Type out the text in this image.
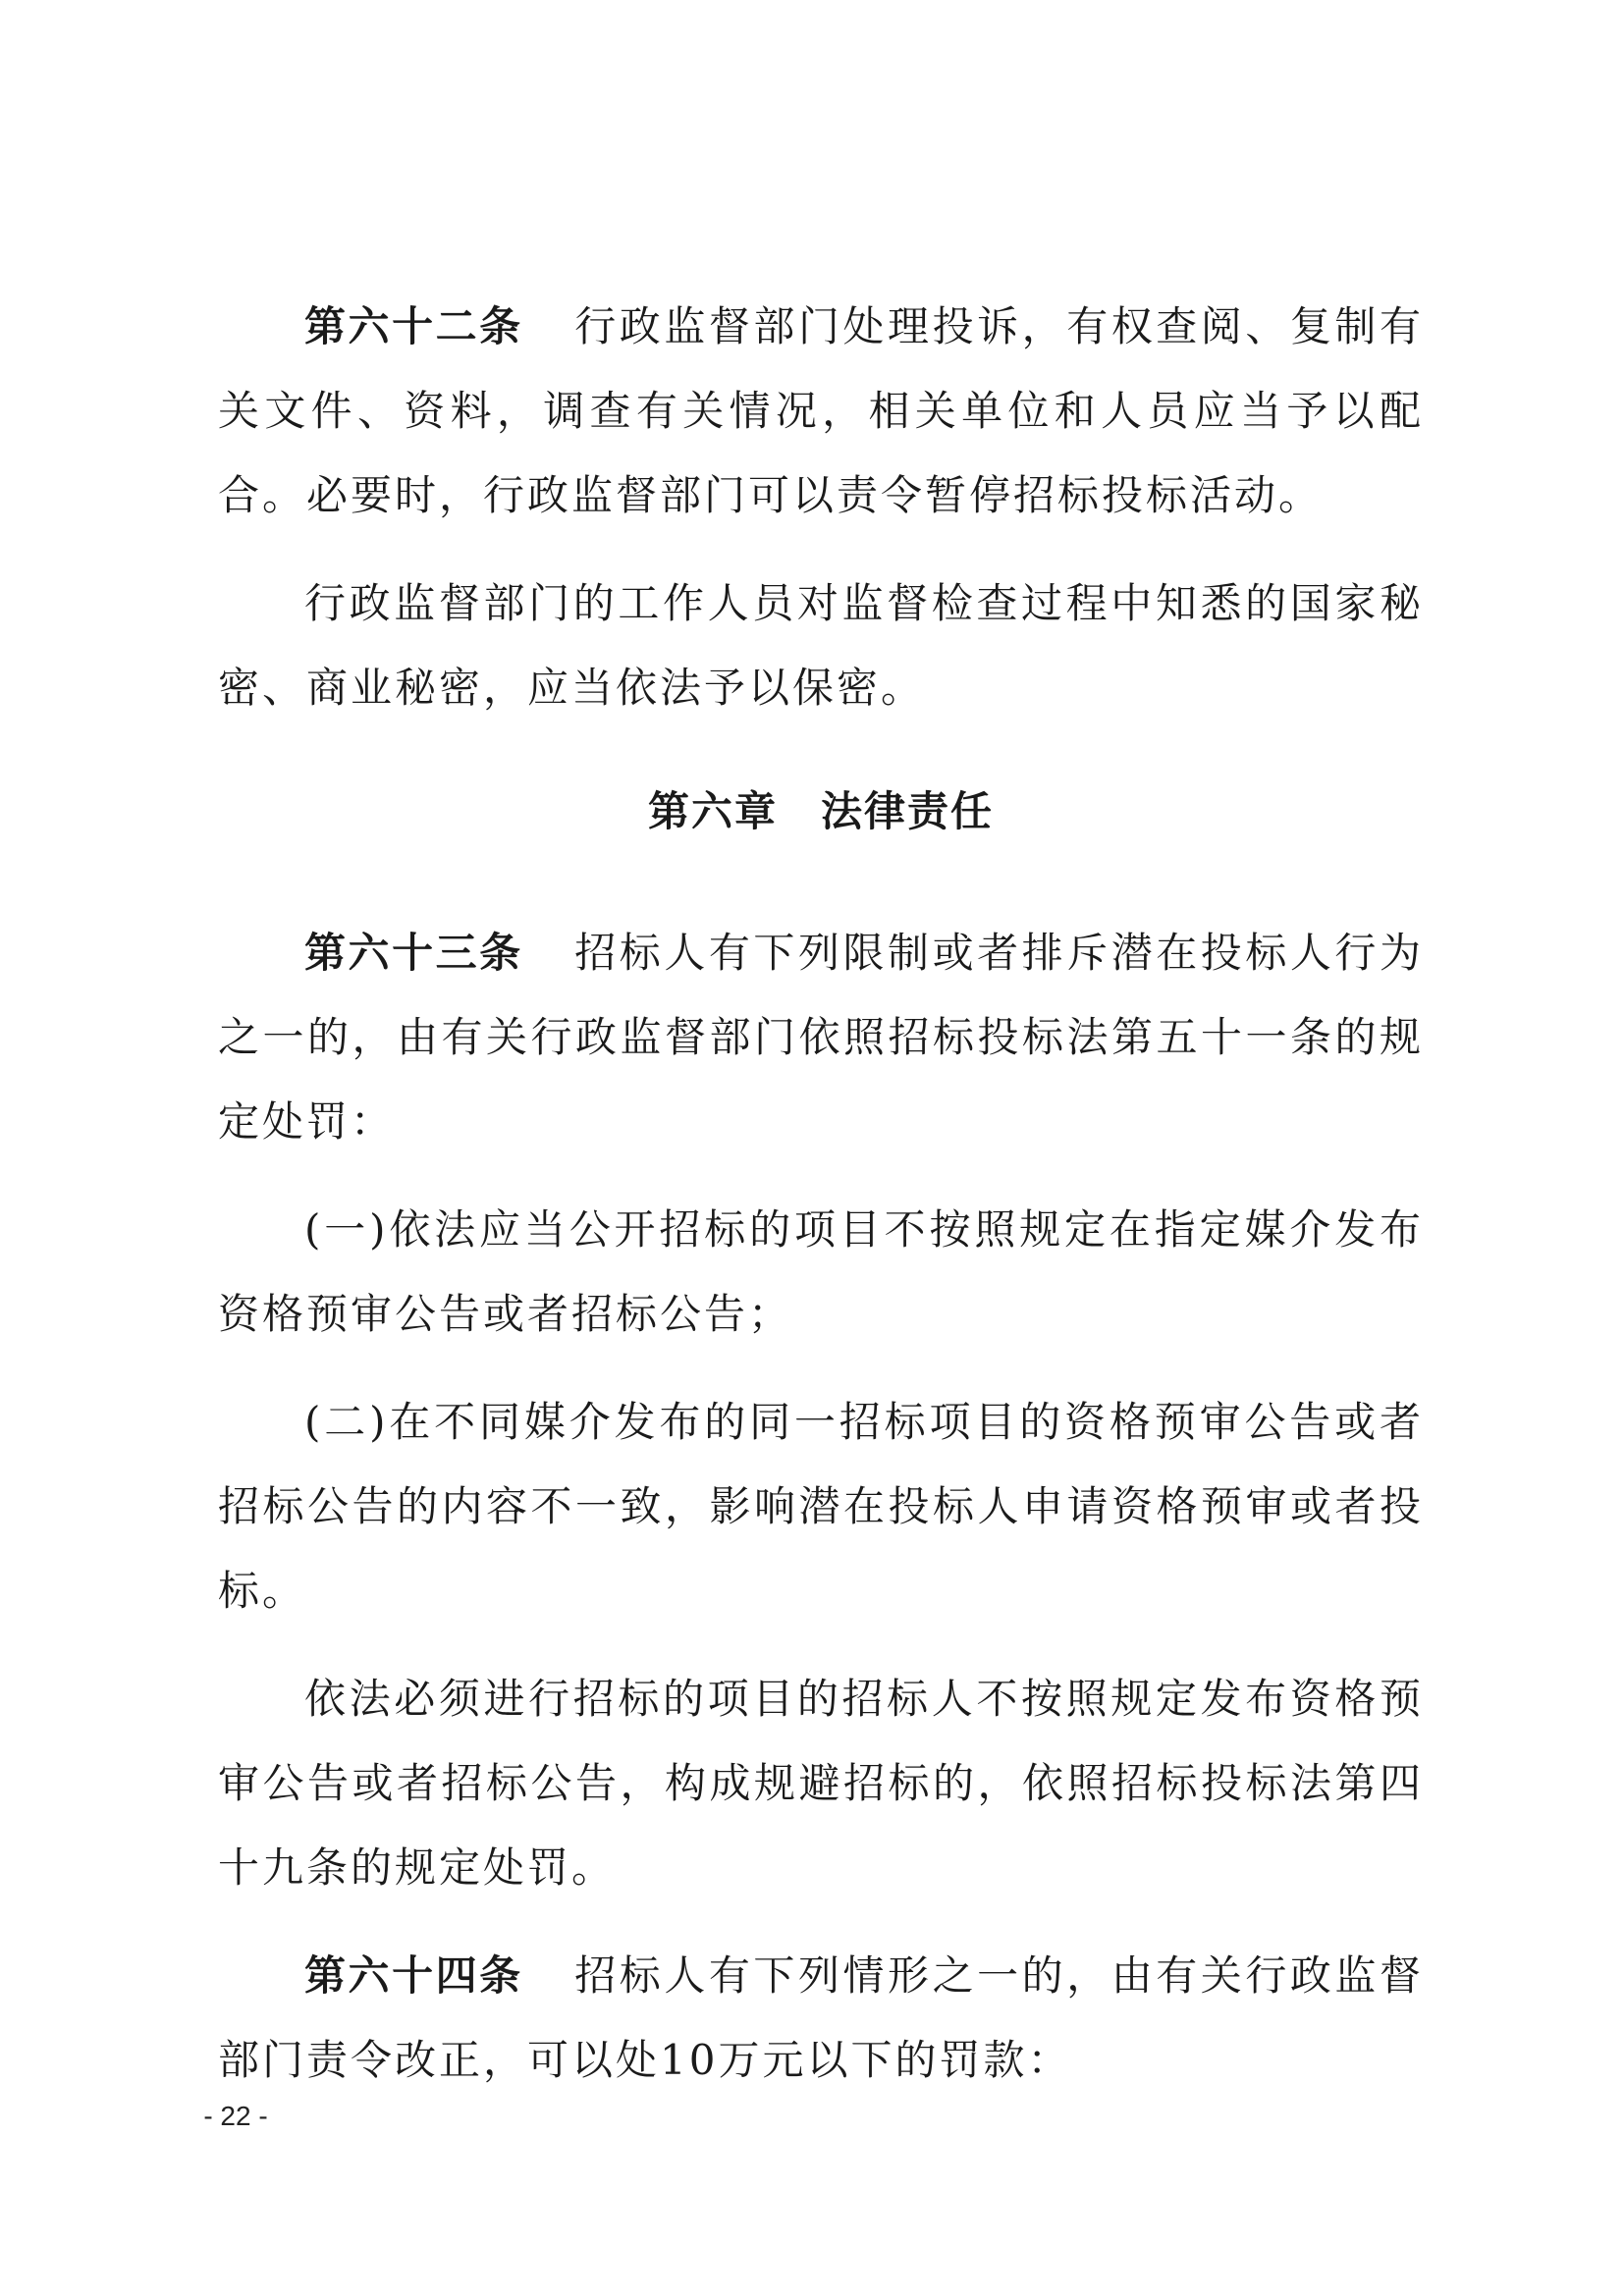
第六十二条 行政监督部门处理投诉，有权查阅、复制有关文件、资料，调查有关情况，相关单位和人员应当予以配合。必要时，行政监督部门可以责令暂停招标投标活动。

行政监督部门的工作人员对监督检查过程中知悉的国家秘密、商业秘密，应当依法予以保密。

第六章　法律责任

第六十三条 招标人有下列限制或者排斥潜在投标人行为之一的，由有关行政监督部门依照招标投标法第五十一条的规定处罚：

(一)依法应当公开招标的项目不按照规定在指定媒介发布资格预审公告或者招标公告；

(二)在不同媒介发布的同一招标项目的资格预审公告或者招标公告的内容不一致，影响潜在投标人申请资格预审或者投标。

依法必须进行招标的项目的招标人不按照规定发布资格预审公告或者招标公告，构成规避招标的，依照招标投标法第四十九条的规定处罚。

第六十四条 招标人有下列情形之一的，由有关行政监督部门责令改正，可以处10万元以下的罚款：

- 22 -
